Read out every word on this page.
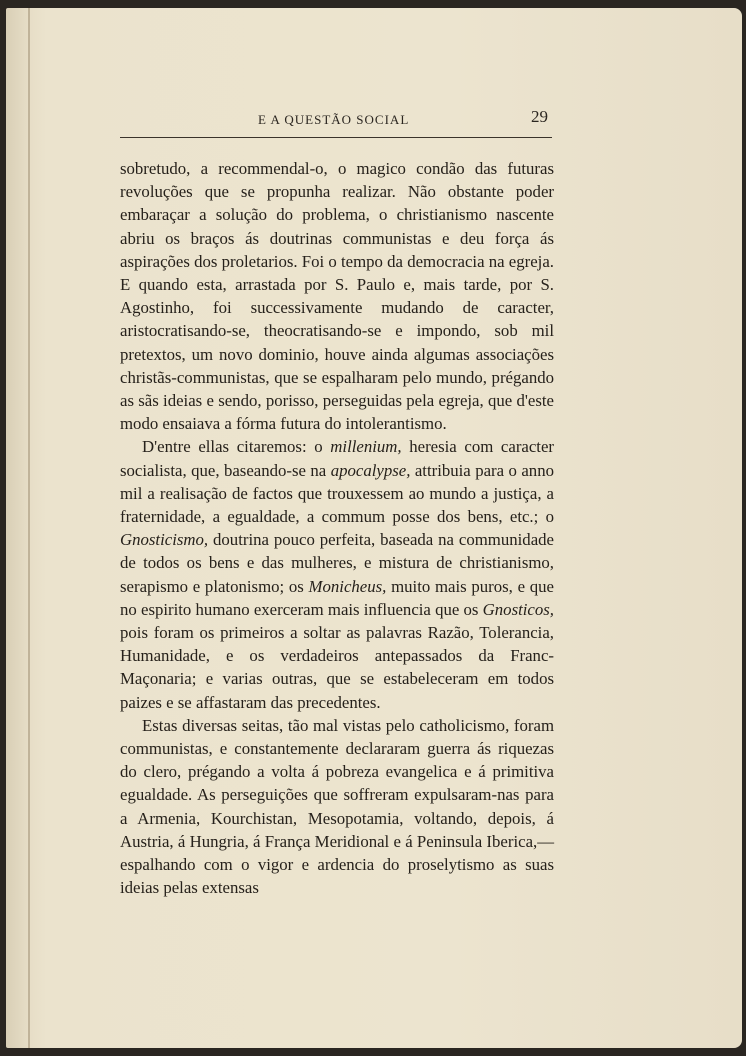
E A QUESTÃO SOCIAL	29

sobretudo, a recommendal-o, o magico condão das futuras revoluções que se propunha realizar. Não obstante poder embaraçar a solução do problema, o christianismo nascente abriu os braços ás doutrinas communistas e deu força ás aspirações dos proletarios. Foi o tempo da democracia na egreja. E quando esta, arrastada por S. Paulo e, mais tarde, por S. Agostinho, foi successivamente mudando de caracter, aristocratisando-se, theocratisando-se e impondo, sob mil pretextos, um novo dominio, houve ainda algumas associações christãs-communistas, que se espalharam pelo mundo, prégando as sãs ideias e sendo, porisso, perseguidas pela egreja, que d'este modo ensaiava a fórma futura do intolerantismo.

D'entre ellas citaremos: o millenium, heresia com caracter socialista, que, baseando-se na apocalypse, attribuia para o anno mil a realisação de factos que trouxessem ao mundo a justiça, a fraternidade, a egualdade, a commum posse dos bens, etc.; o Gnosticismo, doutrina pouco perfeita, baseada na communidade de todos os bens e das mulheres, e mistura de christianismo, serapismo e platonismo; os Monicheus, muito mais puros, e que no espirito humano exerceram mais influencia que os Gnosticos, pois foram os primeiros a soltar as palavras Razão, Tolerancia, Humanidade, e os verdadeiros antepassados da Franc-Maçonaria; e varias outras, que se estabeleceram em todos paizes e se affastaram das precedentes.

Estas diversas seitas, tão mal vistas pelo catholicismo, foram communistas, e constantemente declararam guerra ás riquezas do clero, prégando a volta á pobreza evangelica e á primitiva egualdade. As perseguições que soffreram expulsaram-nas para a Armenia, Kourchistan, Mesopotamia, voltando, depois, á Austria, á Hungria, á França Meridional e á Peninsula Iberica,—espalhando com o vigor e ardencia do proselytismo as suas ideias pelas extensas
